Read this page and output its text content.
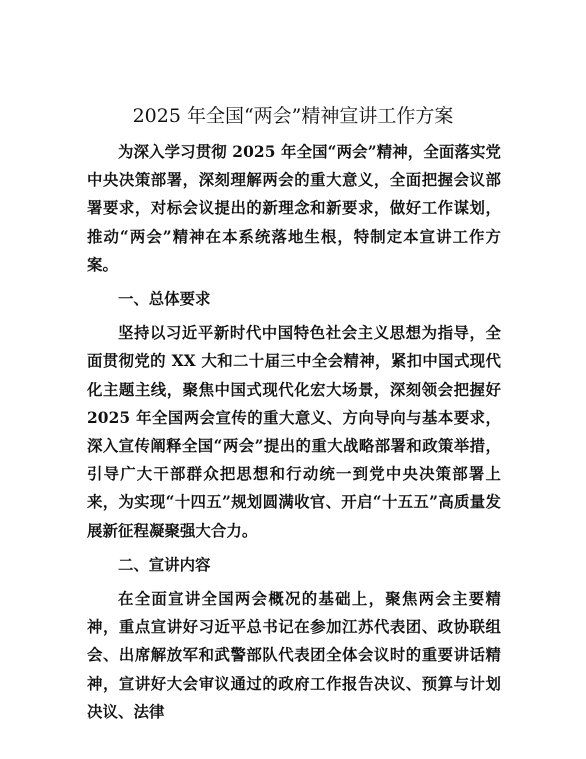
2025 年全国“两会”精神宣讲工作方案

为深入学习贯彻 2025 年全国“两会”精神，全面落实党中央决策部署，深刻理解两会的重大意义，全面把握会议部署要求，对标会议提出的新理念和新要求，做好工作谋划，推动“两会”精神在本系统落地生根，特制定本宣讲工作方案。

一、总体要求

坚持以习近平新时代中国特色社会主义思想为指导，全面贯彻党的 XX 大和二十届三中全会精神，紧扣中国式现代化主题主线，聚焦中国式现代化宏大场景，深刻领会把握好 2025 年全国两会宣传的重大意义、方向导向与基本要求，深入宣传阐释全国“两会”提出的重大战略部署和政策举措，引导广大干部群众把思想和行动统一到党中央决策部署上来，为实现“十四五”规划圆满收官、开启“十五五”高质量发展新征程凝聚强大合力。

二、宣讲内容

在全面宣讲全国两会概况的基础上，聚焦两会主要精神，重点宣讲好习近平总书记在参加江苏代表团、政协联组会、出席解放军和武警部队代表团全体会议时的重要讲话精神，宣讲好大会审议通过的政府工作报告决议、预算与计划决议、法律
